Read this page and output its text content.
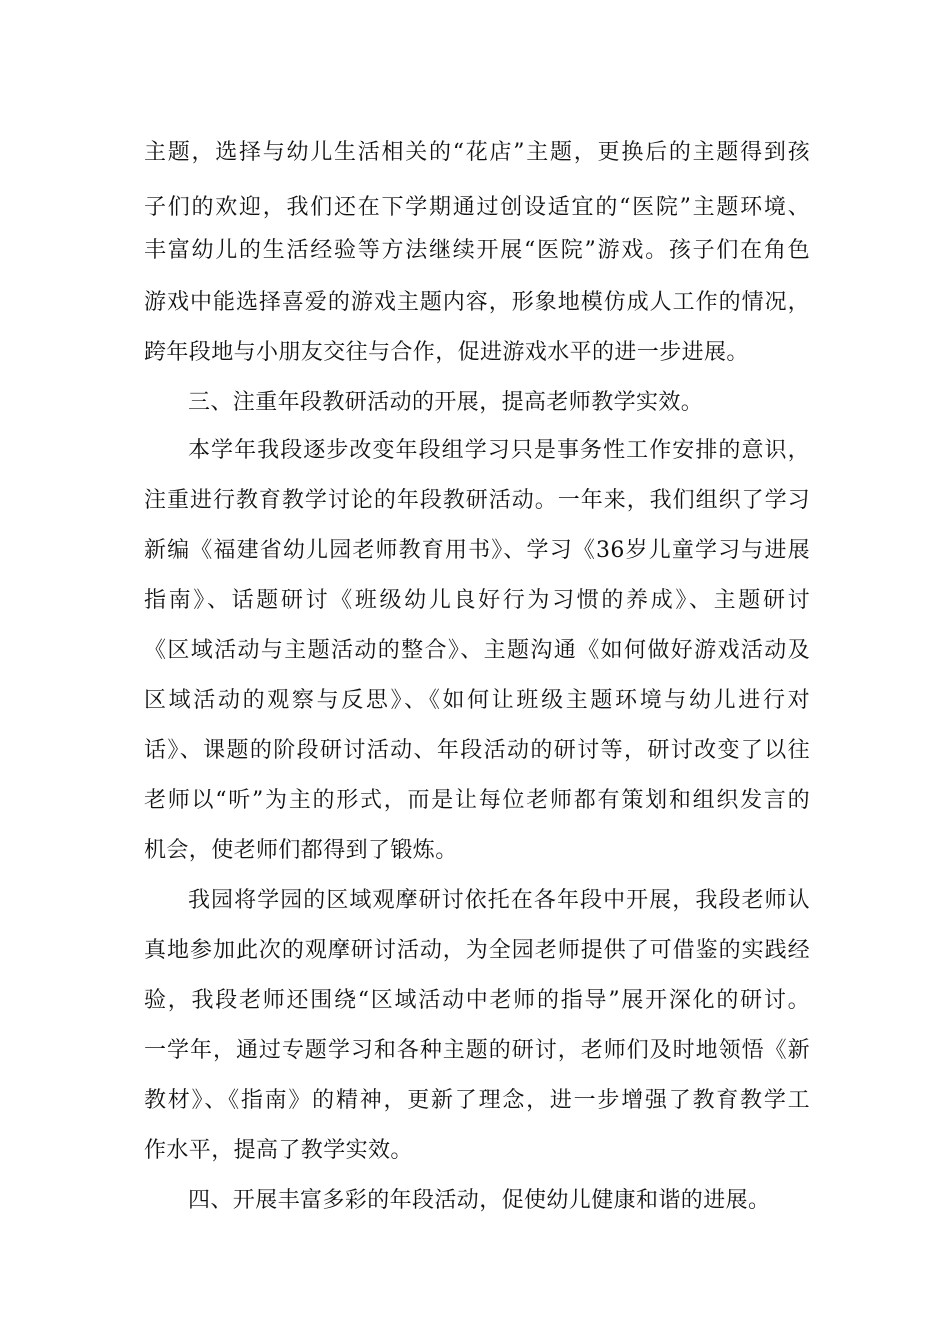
主题，选择与幼儿生活相关的“花店”主题，更换后的主题得到孩
子们的欢迎，我们还在下学期通过创设适宜的“医院”主题环境、
丰富幼儿的生活经验等方法继续开展“医院”游戏。孩子们在角色
游戏中能选择喜爱的游戏主题内容，形象地模仿成人工作的情况，
跨年段地与小朋友交往与合作，促进游戏水平的进一步进展。
三、注重年段教研活动的开展，提高老师教学实效。
本学年我段逐步改变年段组学习只是事务性工作安排的意识，
注重进行教育教学讨论的年段教研活动。一年来，我们组织了学习
新编《福建省幼儿园老师教育用书》、学习《36岁儿童学习与进展
指南》、话题研讨《班级幼儿良好行为习惯的养成》、主题研讨
《区域活动与主题活动的整合》、主题沟通《如何做好游戏活动及
区域活动的观察与反思》、《如何让班级主题环境与幼儿进行对
话》、课题的阶段研讨活动、年段活动的研讨等，研讨改变了以往
老师以“听”为主的形式，而是让每位老师都有策划和组织发言的
机会，使老师们都得到了锻炼。
我园将学园的区域观摩研讨依托在各年段中开展，我段老师认
真地参加此次的观摩研讨活动，为全园老师提供了可借鉴的实践经
验，我段老师还围绕“区域活动中老师的指导”展开深化的研讨。
一学年，通过专题学习和各种主题的研讨，老师们及时地领悟《新
教材》、《指南》的精神，更新了理念，进一步增强了教育教学工
作水平，提高了教学实效。
四、开展丰富多彩的年段活动，促使幼儿健康和谐的进展。
